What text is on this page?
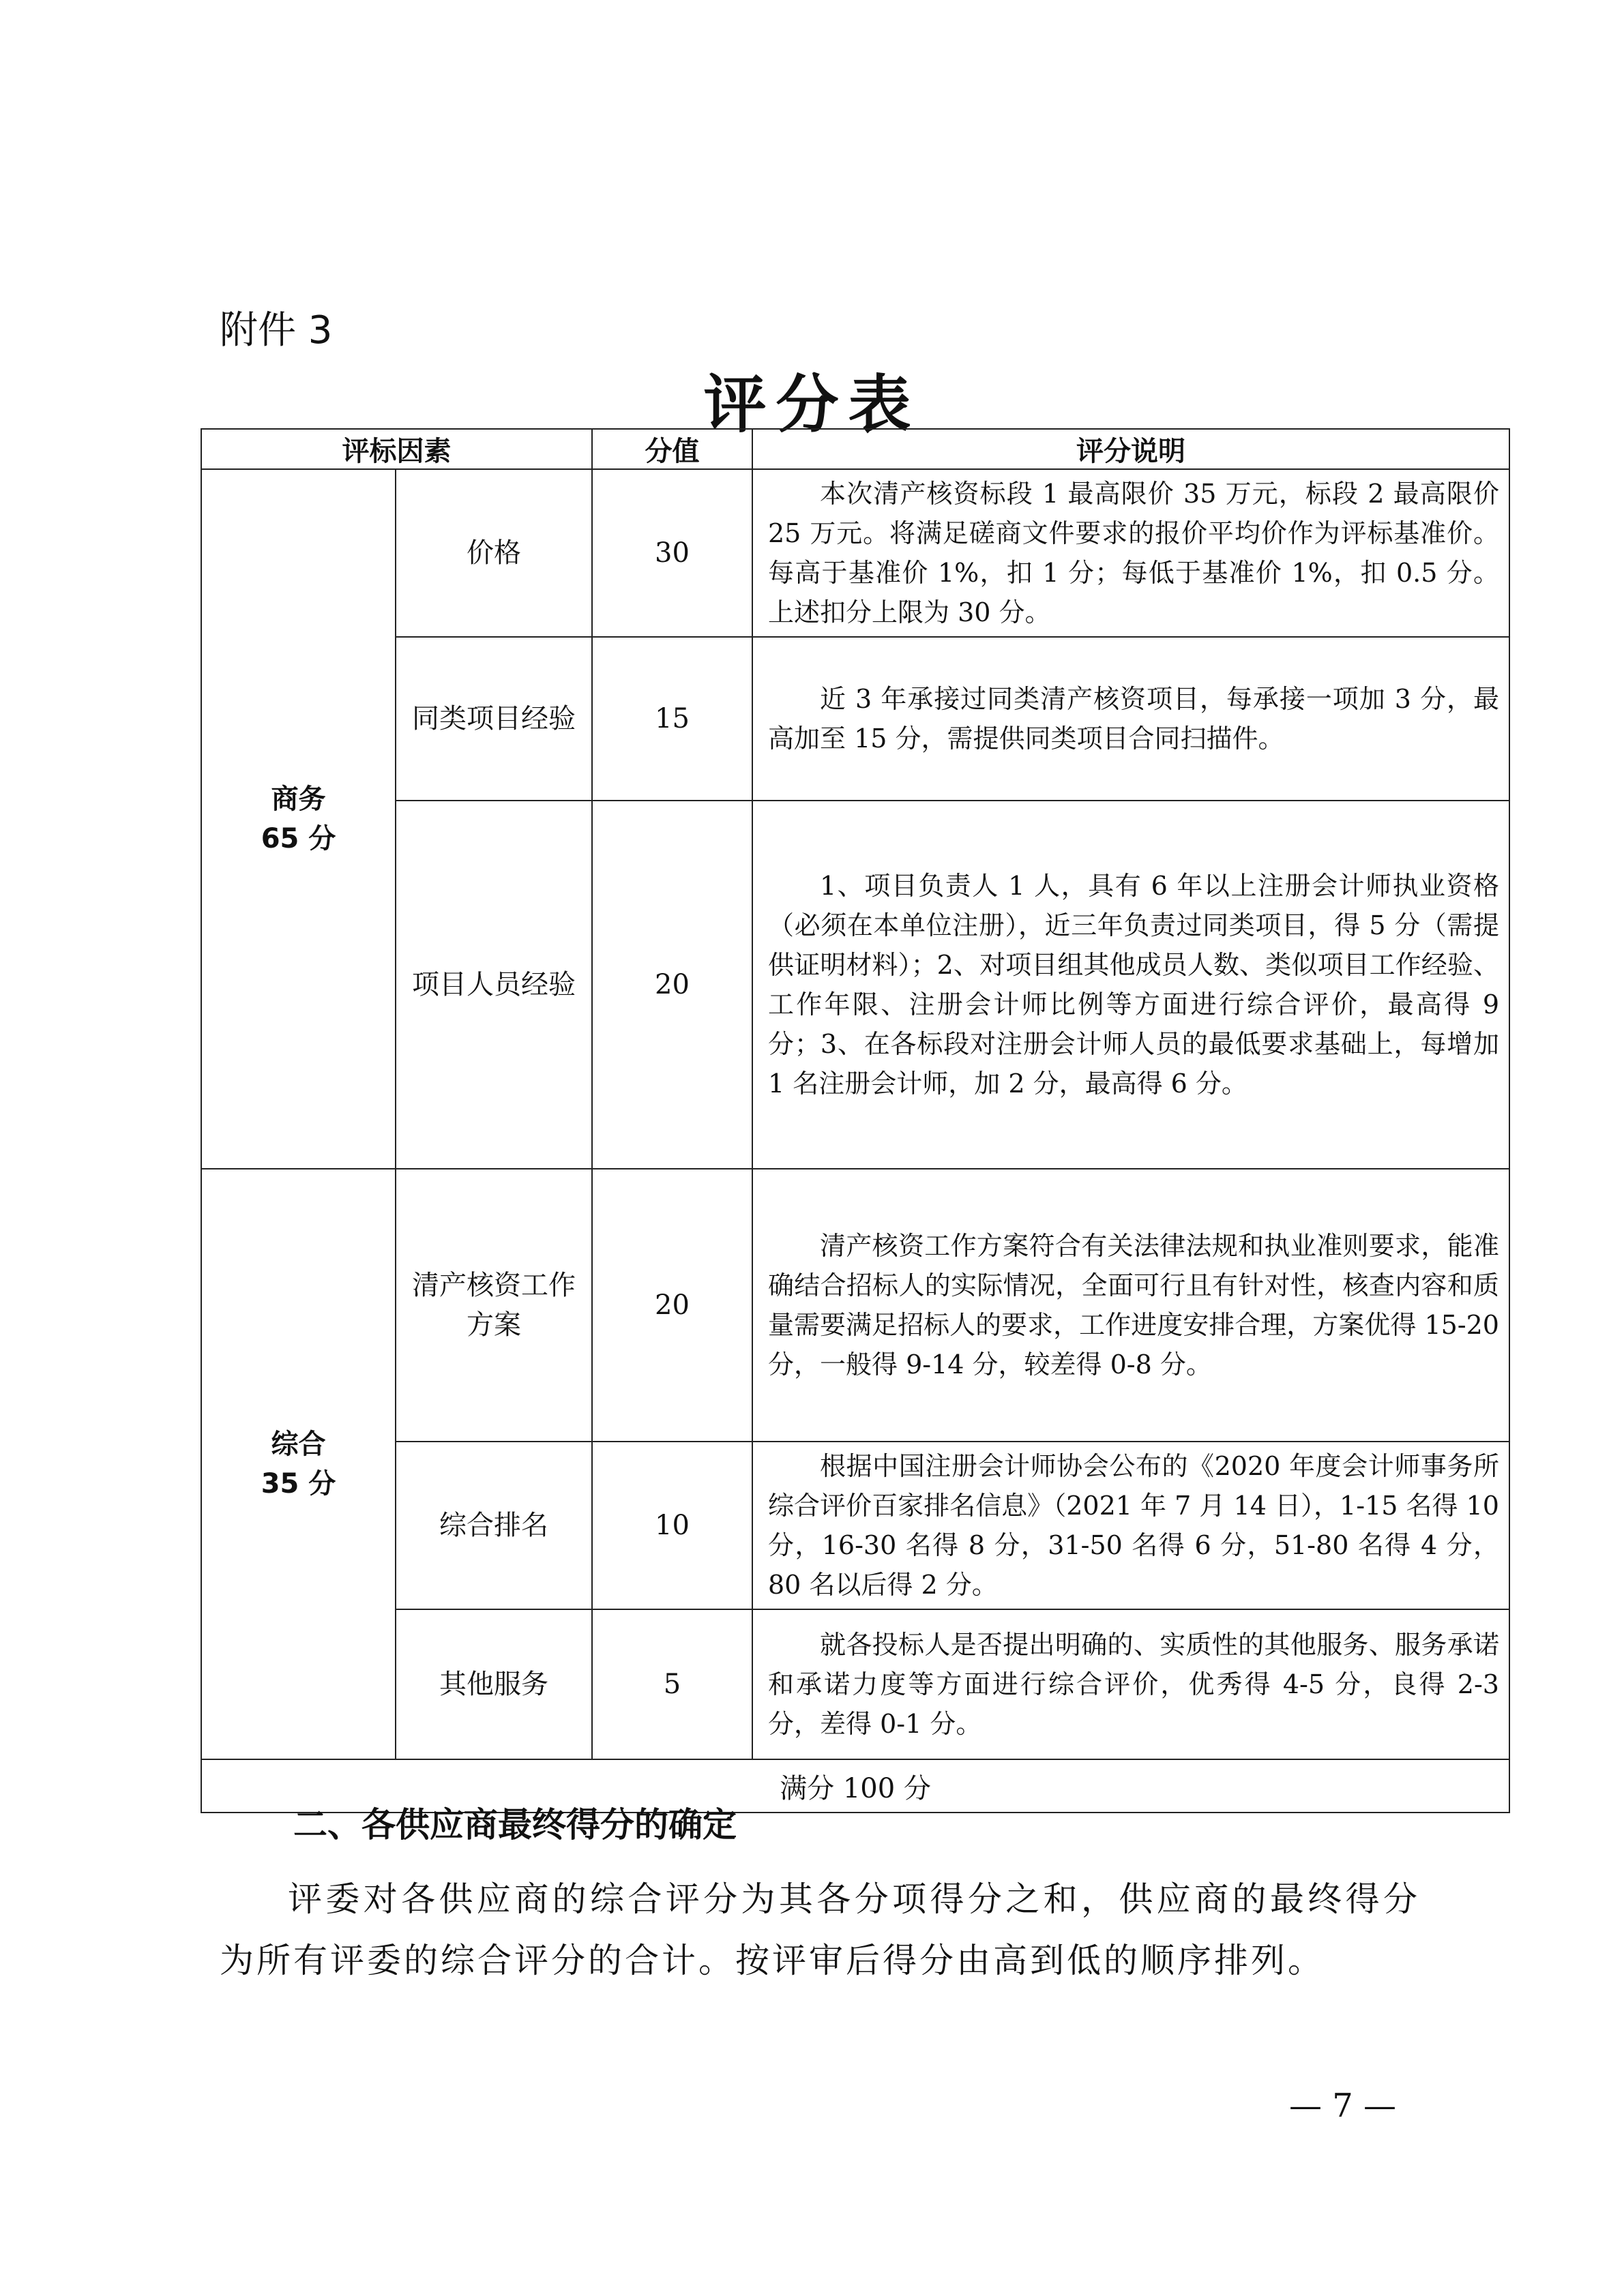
附件 3
评分表
评标因素		分值	评分说明

商务
65 分	价格	30	本次清产核资标段 1 最高限价 35 万元，标段 2 最高限价 25 万元。将满足磋商文件要求的报价平均价作为评标基准价。每高于基准价 1%，扣 1 分；每低于基准价 1%，扣 0.5 分。上述扣分上限为 30 分。
	同类项目经验	15	近 3 年承接过同类清产核资项目，每承接一项加 3 分，最高加至 15 分，需提供同类项目合同扫描件。
	项目人员经验	20	1、项目负责人 1 人，具有 6 年以上注册会计师执业资格（必须在本单位注册），近三年负责过同类项目，得 5 分（需提供证明材料）；2、对项目组其他成员人数、类似项目工作经验、工作年限、注册会计师比例等方面进行综合评价，最高得 9 分；3、在各标段对注册会计师人员的最低要求基础上，每增加 1 名注册会计师，加 2 分，最高得 6 分。

综合
35 分	清产核资工作方案	20	清产核资工作方案符合有关法律法规和执业准则要求，能准确结合招标人的实际情况，全面可行且有针对性，核查内容和质量需要满足招标人的要求，工作进度安排合理，方案优得 15-20 分，一般得 9-14 分，较差得 0-8 分。
	综合排名	10	根据中国注册会计师协会公布的《2020 年度会计师事务所综合评价百家排名信息》（2021 年 7 月 14 日），1-15 名得 10 分，16-30 名得 8 分，31-50 名得 6 分，51-80 名得 4 分，80 名以后得 2 分。
	其他服务	5	就各投标人是否提出明确的、实质性的其他服务、服务承诺和承诺力度等方面进行综合评价，优秀得 4-5 分，良得 2-3 分，差得 0-1 分。
满分 100 分			
二、各供应商最终得分的确定
评委对各供应商的综合评分为其各分项得分之和，供应商的最终得分为所有评委的综合评分的合计。按评审后得分由高到低的顺序排列。
— 7 —
